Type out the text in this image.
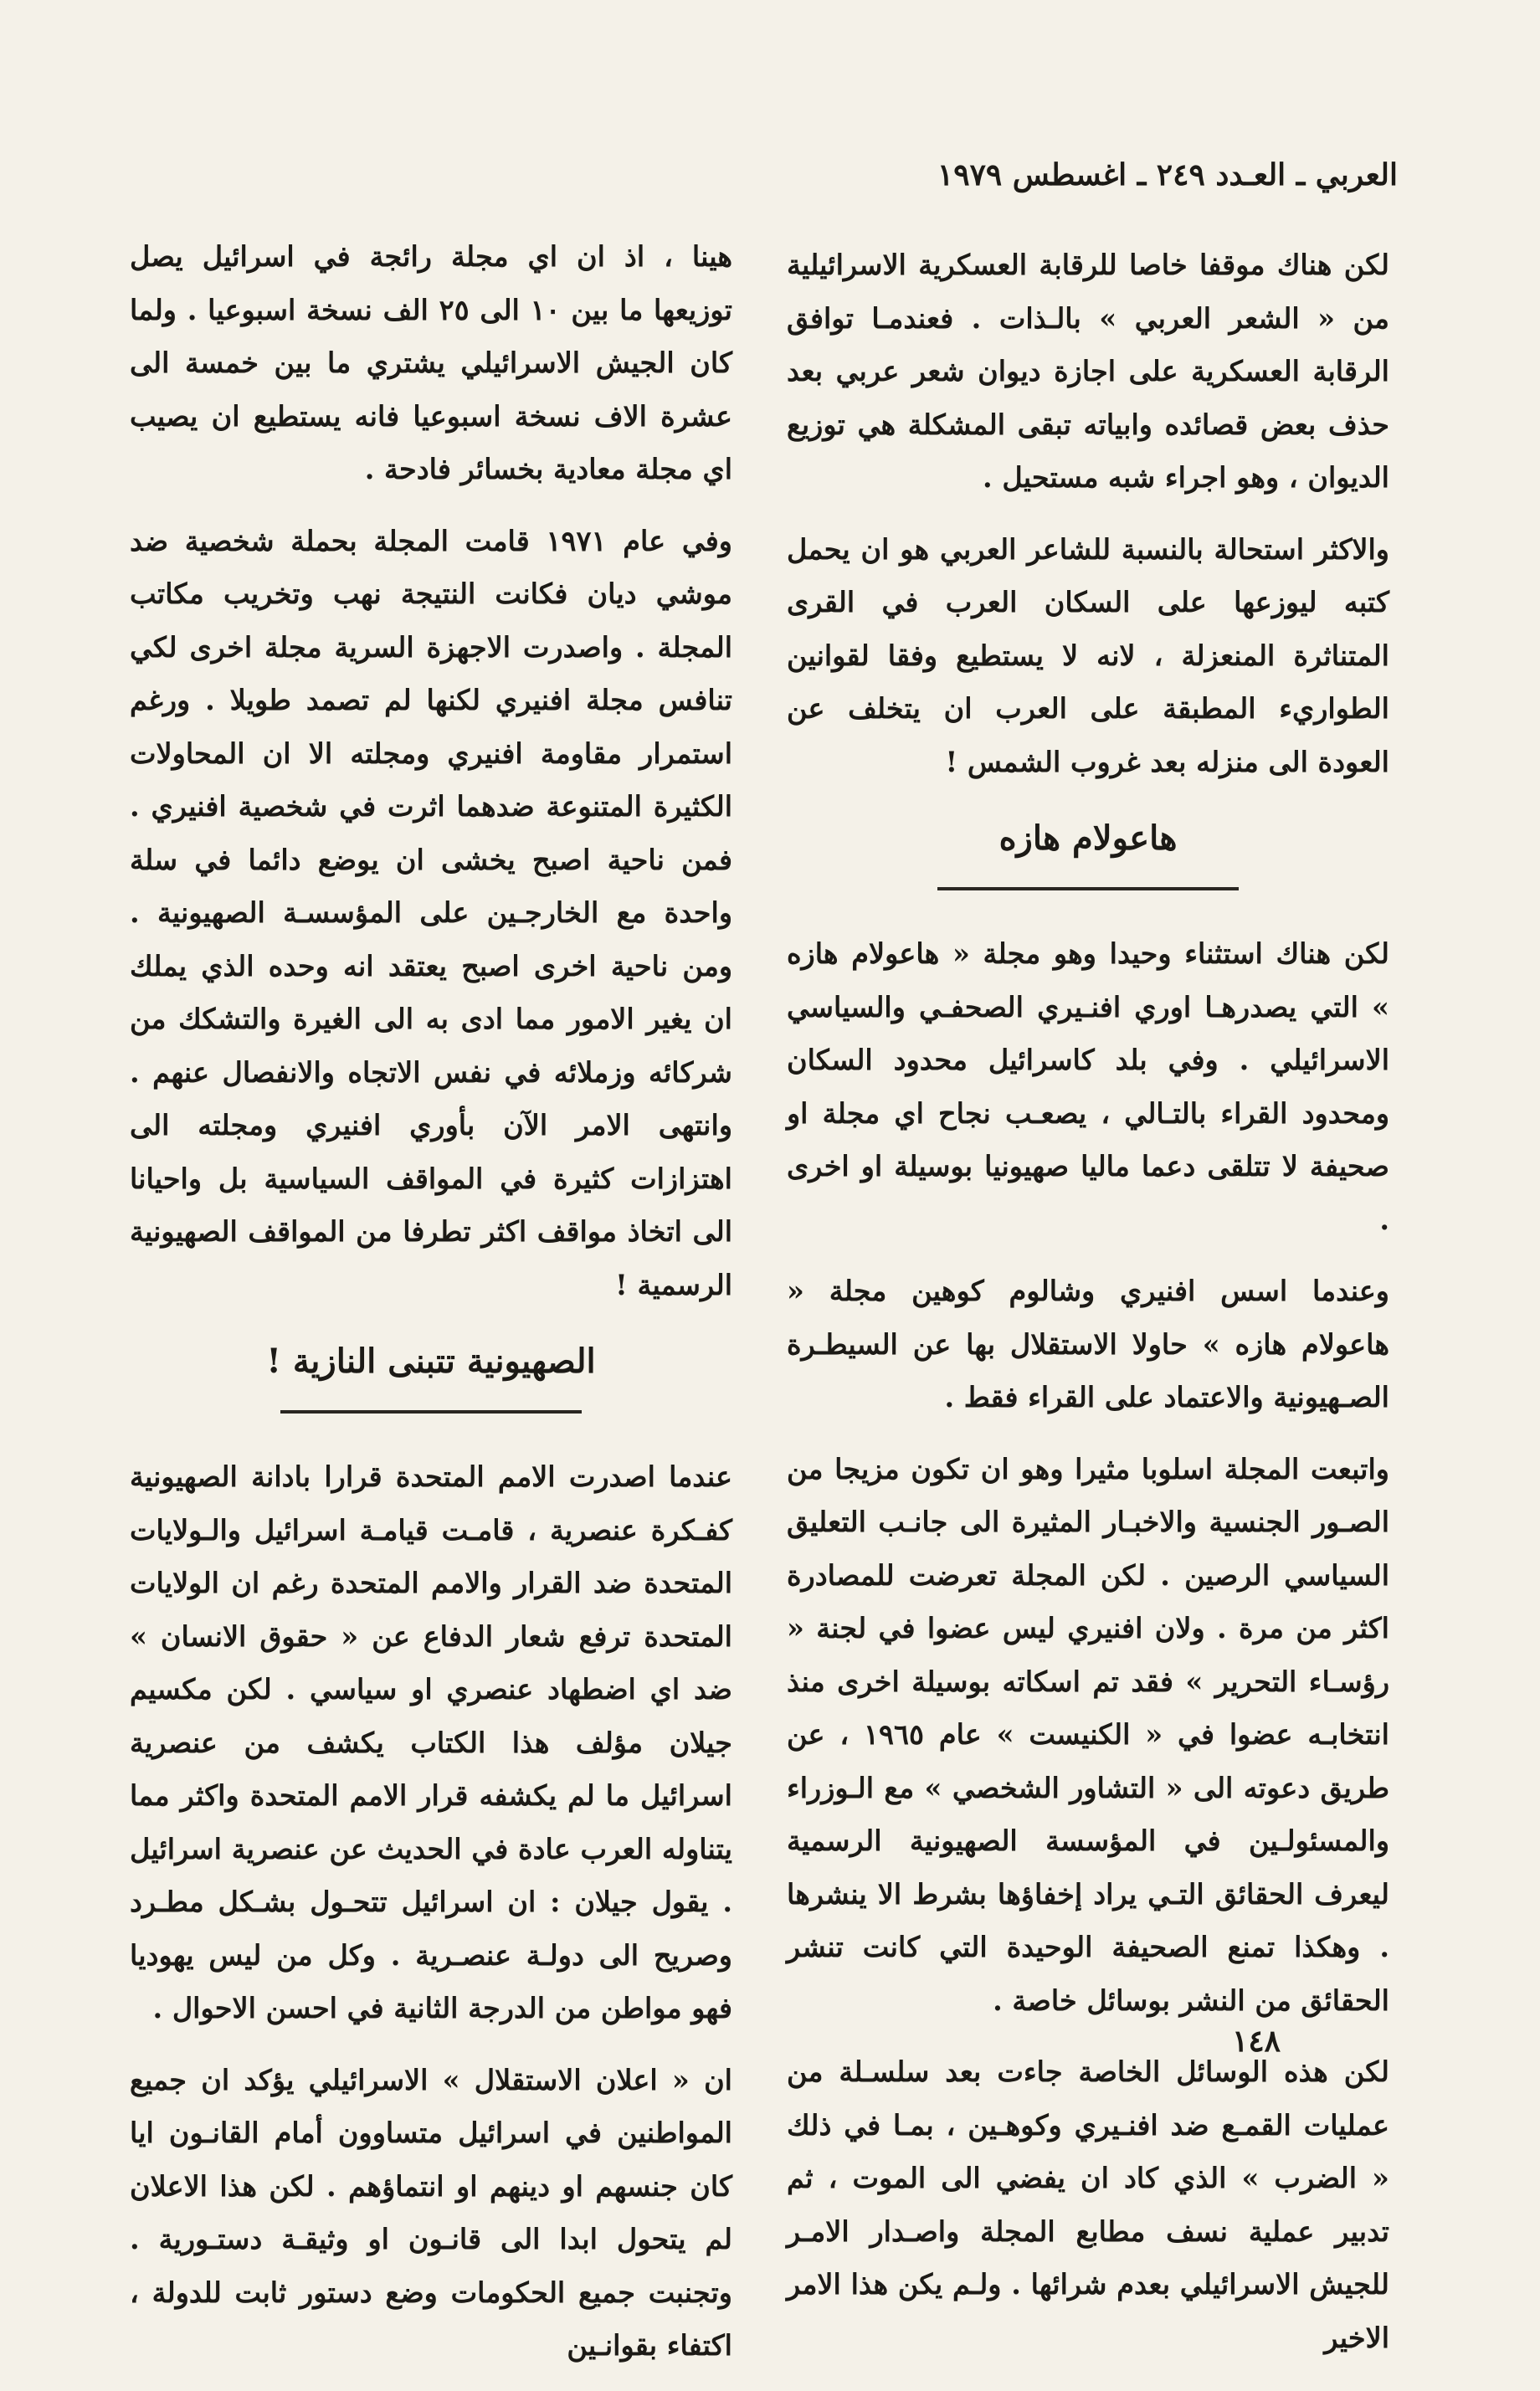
العربي ـ العـدد ٢٤٩ ـ اغسطس ١٩٧٩

لكن هناك موقفا خاصا للرقابة العسكرية الاسرائيلية من « الشعر العربي » بالـذات . فعندمـا توافق الرقابة العسكرية على اجازة ديوان شعر عربي بعد حذف بعض قصائده وابياته تبقى المشكلة هي توزيع الديوان ، وهو اجراء شبه مستحيل .

والاكثر استحالة بالنسبة للشاعر العربي هو ان يحمل كتبه ليوزعها على السكان العرب في القرى المتناثرة المنعزلة ، لانه لا يستطيع وفقا لقوانين الطواريء المطبقة على العرب ان يتخلف عن العودة الى منزله بعد غروب الشمس !

هاعولام هازه

لكن هناك استثناء وحيدا وهو مجلة « هاعولام هازه » التي يصدرهـا اوري افنـيري الصحفـي والسياسي الاسرائيلي . وفي بلد كاسرائيل محدود السكان ومحدود القراء بالتـالي ، يصعـب نجاح اي مجلة او صحيفة لا تتلقى دعما ماليا صهيونيا بوسيلة او اخرى .

وعندما اسس افنيري وشالوم كوهين مجلة « هاعولام هازه » حاولا الاستقلال بها عن السيطـرة الصـهيونية والاعتماد على القراء فقط .

واتبعت المجلة اسلوبا مثيرا وهو ان تكون مزيجا من الصـور الجنسية والاخبـار المثيرة الى جانـب التعليق السياسي الرصين . لكن المجلة تعرضت للمصادرة اكثر من مرة . ولان افنيري ليس عضوا في لجنة « رؤسـاء التحرير » فقد تم اسكاته بوسيلة اخرى منذ انتخابـه عضوا في « الكنيست » عام ١٩٦٥ ، عن طريق دعوته الى « التشاور الشخصي » مع الـوزراء والمسئولـين في المؤسسة الصهيونية الرسمية ليعرف الحقائق التـي يراد إخفاؤها بشرط الا ينشرها . وهكذا تمنع الصحيفة الوحيدة التي كانت تنشر الحقائق من النشر بوسائل خاصة .

لكن هذه الوسائل الخاصة جاءت بعد سلسـلة من عمليات القمـع ضد افنـيري وكوهـين ، بمـا في ذلك « الضرب » الذي كاد ان يفضي الى الموت ، ثم تدبير عملية نسف مطابع المجلة واصـدار الامـر للجيش الاسرائيلي بعدم شرائها . ولـم يكن هذا الامر الاخير

هينا ، اذ ان اي مجلة رائجة في اسرائيل يصل توزيعها ما بين ١٠ الى ٢٥ الف نسخة اسبوعيا . ولما كان الجيش الاسرائيلي يشتري ما بين خمسة الى عشرة الاف نسخة اسبوعيا فانه يستطيع ان يصيب اي مجلة معادية بخسائر فادحة .

وفي عام ١٩٧١ قامت المجلة بحملة شخصية ضد موشي ديان فكانت النتيجة نهب وتخريب مكاتب المجلة . واصدرت الاجهزة السرية مجلة اخرى لكي تنافس مجلة افنيري لكنها لم تصمد طويلا . ورغم استمرار مقاومة افنيري ومجلته الا ان المحاولات الكثيرة المتنوعة ضدهما اثرت في شخصية افنيري . فمن ناحية اصبح يخشى ان يوضع دائما في سلة واحدة مع الخارجـين على المؤسسـة الصهيونية . ومن ناحية اخرى اصبح يعتقد انه وحده الذي يملك ان يغير الامور مما ادى به الى الغيرة والتشكك من شركائه وزملائه في نفس الاتجاه والانفصال عنهم . وانتهى الامر الآن بأوري افنيري ومجلته الى اهتزازات كثيرة في المواقف السياسية بل واحيانا الى اتخاذ مواقف اكثر تطرفا من المواقف الصهيونية الرسمية !

الصهيونية تتبنى النازية !

عندما اصدرت الامم المتحدة قرارا بادانة الصهيونية كفـكرة عنصرية ، قامـت قيامـة اسرائيل والـولايات المتحدة ضد القرار والامم المتحدة رغم ان الولايات المتحدة ترفع شعار الدفاع عن « حقوق الانسان » ضد اي اضطهاد عنصري او سياسي . لكن مكسيم جيلان مؤلف هذا الكتاب يكشف من عنصرية اسرائيل ما لم يكشفه قرار الامم المتحدة واكثر مما يتناوله العرب عادة في الحديث عن عنصرية اسرائيل . يقول جيلان : ان اسرائيل تتحـول بشـكل مطـرد وصريح الى دولـة عنصـرية . وكل من ليس يهوديا فهو مواطن من الدرجة الثانية في احسن الاحوال .

ان « اعلان الاستقلال » الاسرائيلي يؤكد ان جميع المواطنين في اسرائيل متساوون أمام القانـون ايا كان جنسهم او دينهم او انتماؤهم . لكن هذا الاعلان لم يتحول ابدا الى قانـون او وثيقـة دستـورية . وتجنبت جميع الحكومات وضع دستور ثابت للدولة ، اكتفاء بقوانـين

١٤٨
